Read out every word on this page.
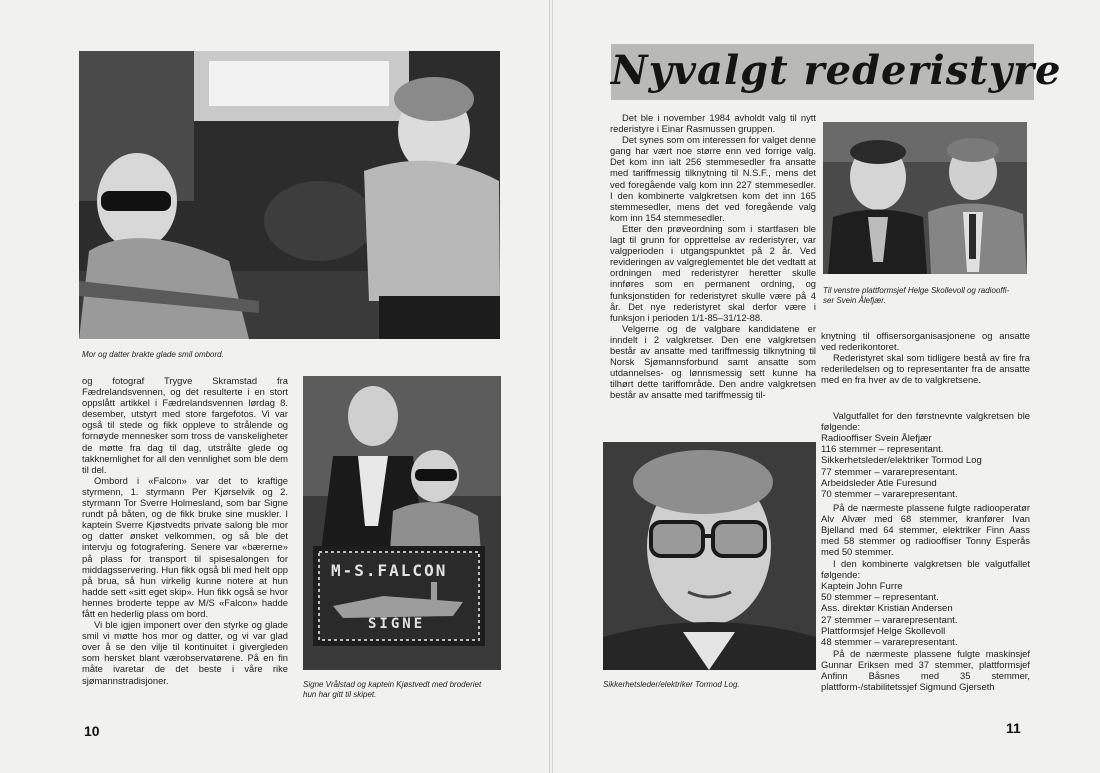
Mor og datter brakte glade smil ombord.

og fotograf Trygve Skramstad fra Fædrelandsvennen, og det resulterte i en stort oppslått artikkel i Fædrelandsvennen lørdag 8. desember, utstyrt med store fargefotos. Vi var også til stede og fikk oppleve to strålende og fornøyde mennesker som tross de vanskeligheter de møtte fra dag til dag, utstrålte glede og takknemlighet for all den vennlighet som ble dem til del.

Ombord i «Falcon» var det to kraftige styrmenn, 1. styrmann Per Kjørselvik og 2. styrmann Tor Sverre Holmesland, som bar Signe rundt på båten, og de fikk bruke sine muskler. I kaptein Sverre Kjøstvedts private salong ble mor og datter ønsket velkommen, og så ble det intervju og fotografering. Senere var «bærerne» på plass for transport til spisesalongen for middagsservering. Hun fikk også bli med helt opp på brua, så hun virkelig kunne notere at hun hadde sett «sitt eget skip». Hun fikk også se hvor hennes broderte teppe av M/S «Falcon» hadde fått en hederlig plass om bord.

Vi ble igjen imponert over den styrke og glade smil vi møtte hos mor og datter, og vi var glad over å se den vilje til kontinuitet i givergleden som hersket blant værobservatørene. På en fin måte ivaretar de det beste i våre rike sjømannstradisjoner.

M-S.FALCON
SIGNE
Signe Vrålstad og kaptein Kjøstvedt med broderiet
hun har gitt til skipet.
10
Nyvalgt rederistyre

Det ble i november 1984 avholdt valg til nytt rederistyre i Einar Rasmussen gruppen.

Det synes som om interessen for valget denne gang har vært noe større enn ved forrige valg. Det kom inn ialt 256 stemmesedler fra ansatte med tariffmessig tilknytning til N.S.F., mens det ved foregående valg kom inn 227 stemmesedler. I den kombinerte valgkretsen kom det inn 165 stemmesedler, mens det ved foregående valg kom inn 154 stemmesedler.

Etter den prøveordning som i startfasen ble lagt til grunn for opprettelse av rederistyrer, var valgperioden i utgangspunktet på 2 år. Ved revideringen av valgreglementet ble det vedtatt at ordningen med rederistyrer heretter skulle innføres som en permanent ordning, og funksjonstiden for rederistyret skulle være på 4 år. Det nye rederistyret skal derfor være i funksjon i perioden 1/1-85–31/12-88.

Velgerne og de valgbare kandidatene er inndelt i 2 valgkretser. Den ene valgkretsen består av ansatte med tariffmessig tilknytning til Norsk Sjømannsforbund samt ansatte som utdannelses- og lønnsmessig sett kunne ha tilhørt dette tariffområde. Den andre valgkretsen består av ansatte med tariffmessig til-

Til venstre plattformsjef Helge Skollevoll og radiooffi-
ser Svein Ålefjær.
Sikkerhetsleder/elektriker Tormod Log.

knytning til offisersorganisasjonene og ansatte ved rederikontoret.

Rederistyret skal som tidligere bestå av fire fra rederiledelsen og to representanter fra de ansatte med en fra hver av de to valgkretsene.

Valgutfallet for den førstnevnte valgkretsen ble følgende:

Radiooffiser Svein Ålefjær
116 stemmer – representant.
Sikkerhetsleder/elektriker Tormod Log
77 stemmer – vararepresentant.
Arbeidsleder Atle Furesund
70 stemmer – vararepresentant.

På de nærmeste plassene fulgte radiooperatør Alv Alvær med 68 stemmer, kranfører Ivan Bjelland med 64 stemmer, elektriker Finn Aass med 58 stemmer og radiooffiser Tonny Esperås med 50 stemmer.

I den kombinerte valgkretsen ble valgutfallet følgende:

Kaptein John Furre
50 stemmer – representant.
Ass. direktør Kristian Andersen
27 stemmer – vararepresentant.
Plattformsjef Helge Skollevoll
48 stemmer – vararepresentant.

På de nærmeste plassene fulgte maskinsjef Gunnar Eriksen med 37 stemmer, plattformsjef Anfinn Båsnes med 35 stemmer, plattform-/stabilitetssjef Sigmund Gjerseth

11
